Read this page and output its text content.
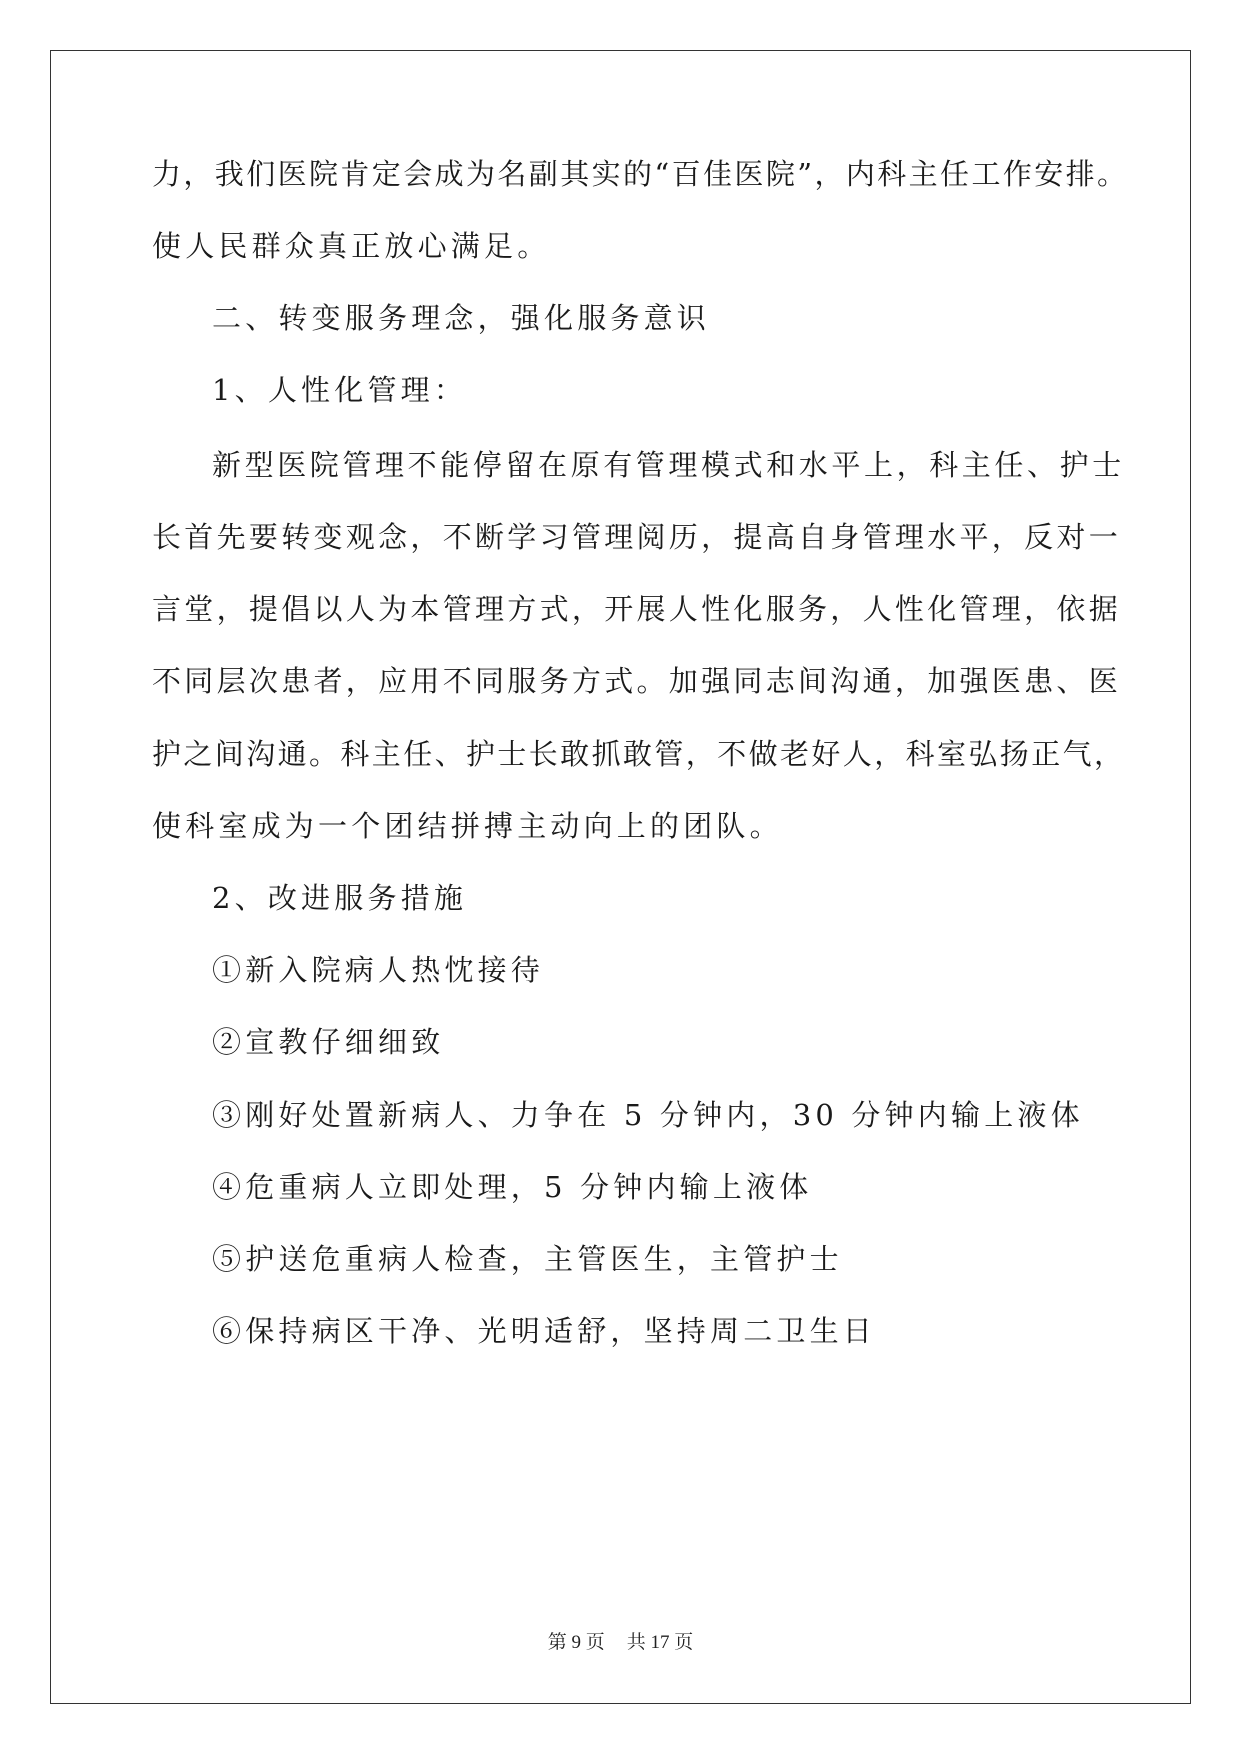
力，我们医院肯定会成为名副其实的“百佳医院”，内科主任工作安排。
使人民群众真正放心满足。
二、转变服务理念，强化服务意识
1、人性化管理：
新型医院管理不能停留在原有管理模式和水平上，科主任、护士
长首先要转变观念，不断学习管理阅历，提高自身管理水平，反对一
言堂，提倡以人为本管理方式，开展人性化服务，人性化管理，依据
不同层次患者，应用不同服务方式。加强同志间沟通，加强医患、医
护之间沟通。科主任、护士长敢抓敢管，不做老好人，科室弘扬正气，
使科室成为一个团结拼搏主动向上的团队。
2、改进服务措施
①新入院病人热忱接待
②宣教仔细细致
③刚好处置新病人、力争在 5 分钟内，30 分钟内输上液体
④危重病人立即处理，5 分钟内输上液体
⑤护送危重病人检查，主管医生，主管护士
⑥保持病区干净、光明适舒，坚持周二卫生日
第 9 页 共 17 页
